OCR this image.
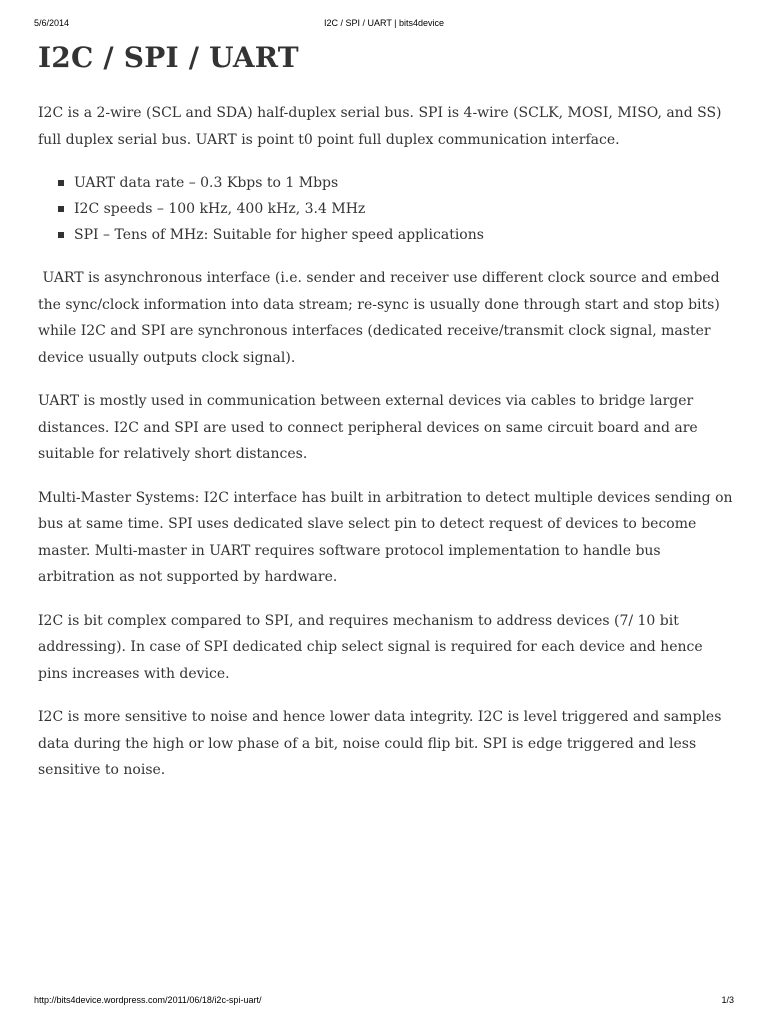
5/6/2014	I2C / SPI / UART | bits4device
I2C / SPI / UART

I2C is a 2-wire (SCL and SDA) half-duplex serial bus. SPI is 4-wire (SCLK, MOSI, MISO, and SS) full duplex serial bus. UART is point t0 point full duplex communication interface.

UART data rate – 0.3 Kbps to 1 Mbps
I2C speeds – 100 kHz, 400 kHz, 3.4 MHz
SPI – Tens of MHz: Suitable for higher speed applications

UART is asynchronous interface (i.e. sender and receiver use different clock source and embed the sync/clock information into data stream; re-sync is usually done through start and stop bits) while I2C and SPI are synchronous interfaces (dedicated receive/transmit clock signal, master device usually outputs clock signal).

UART is mostly used in communication between external devices via cables to bridge larger distances. I2C and SPI are used to connect peripheral devices on same circuit board and are suitable for relatively short distances.

Multi-Master Systems: I2C interface has built in arbitration to detect multiple devices sending on bus at same time. SPI uses dedicated slave select pin to detect request of devices to become master. Multi-master in UART requires software protocol implementation to handle bus arbitration as not supported by hardware.

I2C is bit complex compared to SPI, and requires mechanism to address devices (7/ 10 bit addressing). In case of SPI dedicated chip select signal is required for each device and hence pins increases with device.

I2C is more sensitive to noise and hence lower data integrity. I2C is level triggered and samples data during the high or low phase of a bit, noise could flip bit. SPI is edge triggered and less sensitive to noise.

http://bits4device.wordpress.com/2011/06/18/i2c-spi-uart/	1/3
